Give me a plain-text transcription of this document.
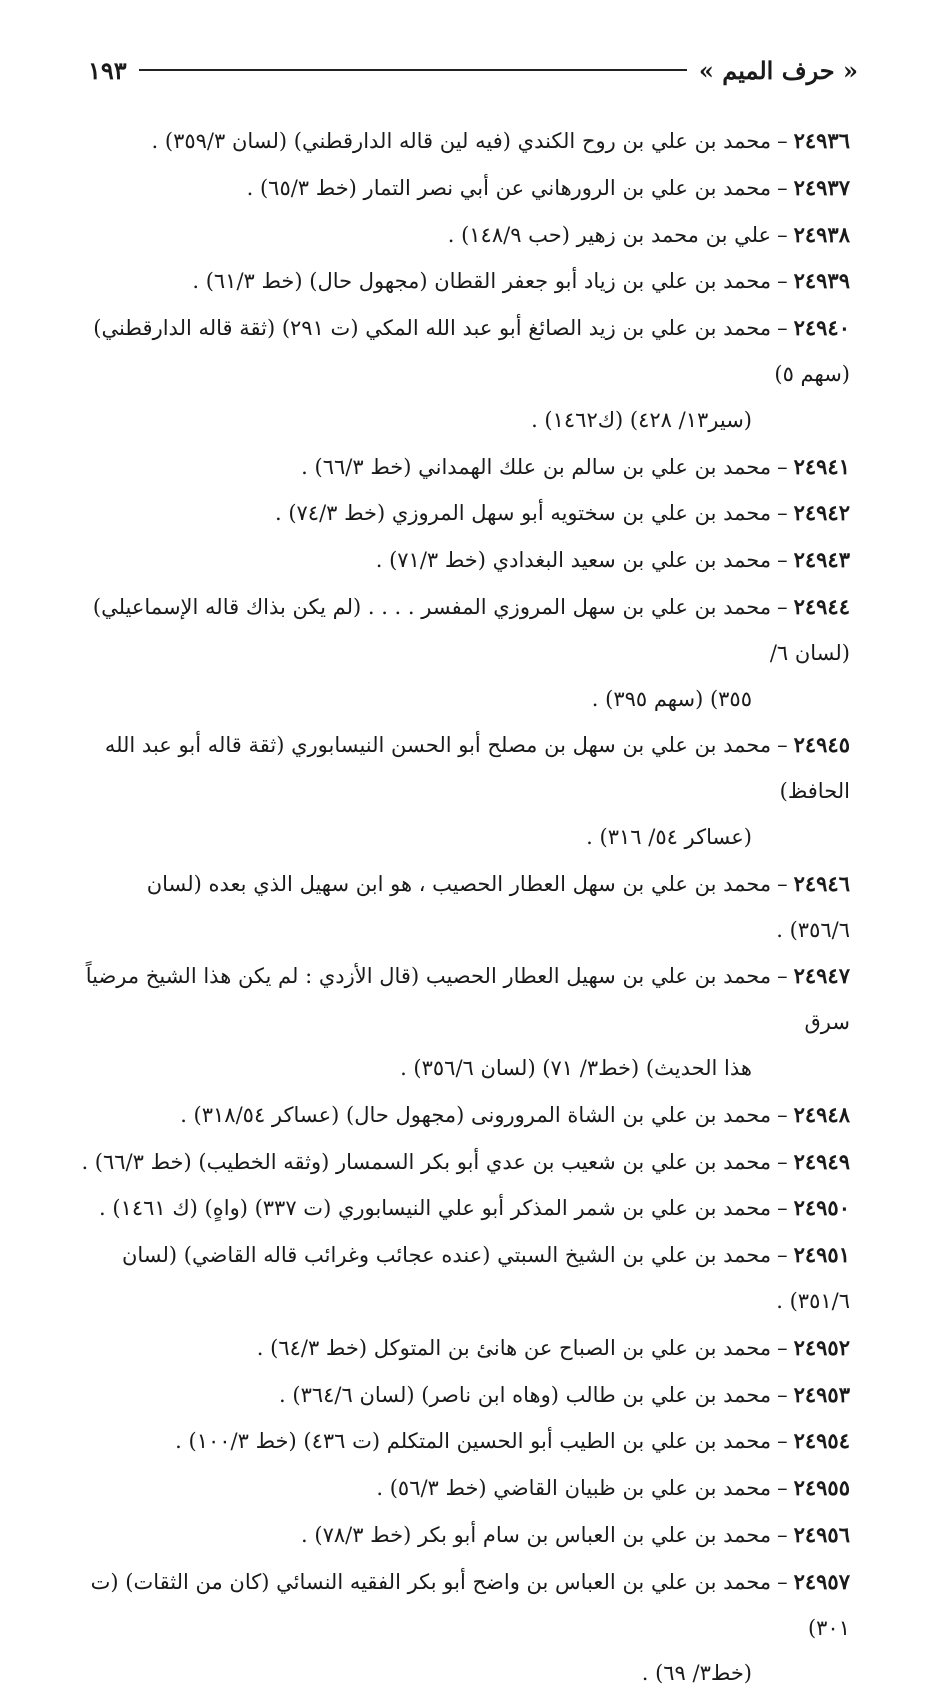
« حرف الميم »
١٩٣

٢٤٩٣٦–محمد بن علي بن روح الكندي (فيه لين قاله الدارقطني) (لسان ٣٥٩/٣) .

٢٤٩٣٧–محمد بن علي بن الرورهاني عن أبي نصر التمار (خط ٦٥/٣) .

٢٤٩٣٨–علي بن محمد بن زهير (حب ١٤٨/٩) .

٢٤٩٣٩–محمد بن علي بن زياد أبو جعفر القطان (مجهول حال) (خط ٦١/٣) .

٢٤٩٤٠–محمد بن علي بن زيد الصائغ أبو عبد الله المكي (ت ٢٩١) (ثقة قاله الدارقطني) (سهم ٥)
(سير١٣/ ٤٢٨) (ك١٤٦٢) .

٢٤٩٤١–محمد بن علي بن سالم بن علك الهمداني (خط ٦٦/٣) .

٢٤٩٤٢–محمد بن علي بن سختويه أبو سهل المروزي (خط ٧٤/٣) .

٢٤٩٤٣–محمد بن علي بن سعيد البغدادي (خط ٧١/٣) .

٢٤٩٤٤–محمد بن علي بن سهل المروزي المفسر . . . . (لم يكن بذاك قاله الإسماعيلي) (لسان ٦/
٣٥٥) (سهم ٣٩٥) .

٢٤٩٤٥–محمد بن علي بن سهل بن مصلح أبو الحسن النيسابوري (ثقة قاله أبو عبد الله الحافظ)
(عساكر ٥٤/ ٣١٦) .

٢٤٩٤٦–محمد بن علي بن سهل العطار الحصيب ، هو ابن سهيل الذي بعده (لسان ٣٥٦/٦) .

٢٤٩٤٧–محمد بن علي بن سهيل العطار الحصيب (قال الأزدي : لم يكن هذا الشيخ مرضياً سرق
هذا الحديث) (خط٣/ ٧١) (لسان ٣٥٦/٦) .

٢٤٩٤٨–محمد بن علي بن الشاة المرورونى (مجهول حال) (عساكر ٣١٨/٥٤) .

٢٤٩٤٩–محمد بن علي بن شعيب بن عدي أبو بكر السمسار (وثقه الخطيب) (خط ٦٦/٣) .

٢٤٩٥٠–محمد بن علي بن شمر المذكر أبو علي النيسابوري (ت ٣٣٧) (واهٍ) (ك ١٤٦١) .

٢٤٩٥١–محمد بن علي بن الشيخ السبتي (عنده عجائب وغرائب قاله القاضي) (لسان ٣٥١/٦) .

٢٤٩٥٢–محمد بن علي بن الصباح عن هانئ بن المتوكل (خط ٦٤/٣) .

٢٤٩٥٣–محمد بن علي بن طالب (وهاه ابن ناصر) (لسان ٣٦٤/٦) .

٢٤٩٥٤–محمد بن علي بن الطيب أبو الحسين المتكلم (ت ٤٣٦) (خط ١٠٠/٣) .

٢٤٩٥٥–محمد بن علي بن ظبيان القاضي (خط ٥٦/٣) .

٢٤٩٥٦–محمد بن علي بن العباس بن سام أبو بكر (خط ٧٨/٣) .

٢٤٩٥٧–محمد بن علي بن العباس بن واضح أبو بكر الفقيه النسائي (كان من الثقات) (ت ٣٠١)
(خط٣/ ٦٩) .
